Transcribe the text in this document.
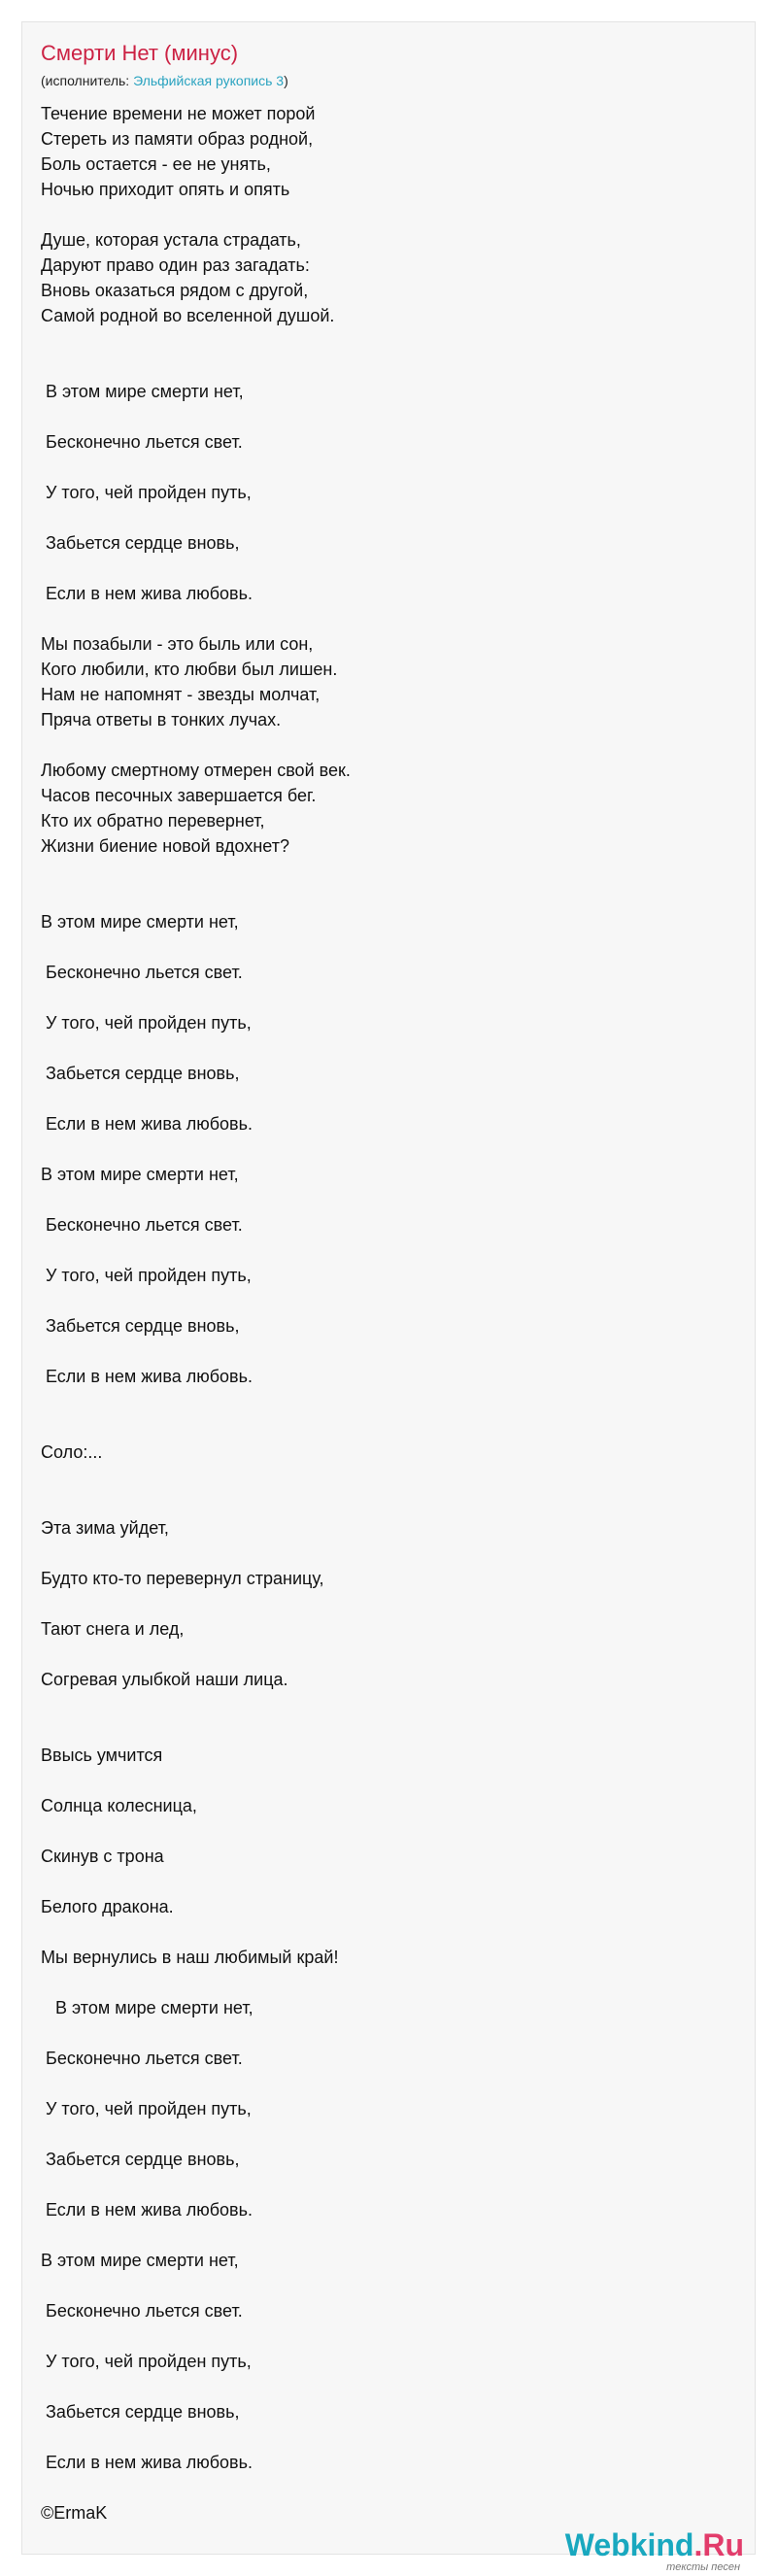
Смерти Нет (минус)
(исполнитель: Эльфийская рукопись 3)
Течение времени не может порой
Стереть из памяти образ родной,
Боль остается - ее не унять,
Ночью приходит опять и опять
Душе, которая устала страдать,
Даруют право один раз загадать:
Вновь оказаться рядом с другой,
Самой родной во вселенной душой.
В этом мире смерти нет,
Бесконечно льется свет.
У того, чей пройден путь,
Забьется сердце вновь,
Если в нем жива любовь.
Мы позабыли - это быль или сон,
Кого любили, кто любви был лишен.
Нам не напомнят - звезды молчат,
Пряча ответы в тонких лучах.
Любому смертному отмерен свой век.
Часов песочных завершается бег.
Кто их обратно перевернет,
Жизни биение новой вдохнет?
В этом мире смерти нет,
Бесконечно льется свет.
У того, чей пройден путь,
Забьется сердце вновь,
Если в нем жива любовь.
В этом мире смерти нет,
Бесконечно льется свет.
У того, чей пройден путь,
Забьется сердце вновь,
Если в нем жива любовь.
Соло:...
Эта зима уйдет,
Будто кто-то перевернул страницу,
Тают снега и лед,
Согревая улыбкой наши лица.
Ввысь умчится
Солнца колесница,
Скинув с трона
Белого дракона.
Мы вернулись в наш любимый край!
В этом мире смерти нет,
Бесконечно льется свет.
У того, чей пройден путь,
Забьется сердце вновь,
Если в нем жива любовь.
В этом мире смерти нет,
Бесконечно льется свет.
У того, чей пройден путь,
Забьется сердце вновь,
Если в нем жива любовь.
©ErmaK
Webkind.Ru
тексты песен
